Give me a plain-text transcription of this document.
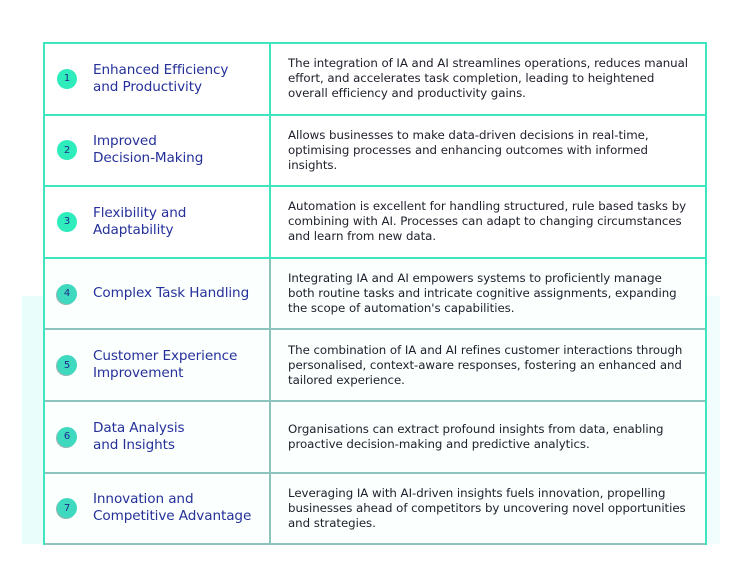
1
Enhanced Efficiency
and Productivity
The integration of IA and AI streamlines operations, reduces manual effort, and accelerates task completion, leading to heightened overall efficiency and productivity gains.
2
Improved
Decision-Making
Allows businesses to make data-driven decisions in real-time, optimising processes and enhancing outcomes with informed insights.
3
Flexibility and
Adaptability
Automation is excellent for handling structured, rule based tasks by combining with AI. Processes can adapt to changing circumstances and learn from new data.
4	Complex Task Handling
Integrating IA and AI empowers systems to proficiently manage both routine tasks and intricate cognitive assignments, expanding the scope of automation's capabilities.
5
Customer Experience
Improvement
The combination of IA and AI refines customer interactions through personalised, context-aware responses, fostering an enhanced and tailored experience.
6
Data Analysis
and Insights
Organisations can extract profound insights from data, enabling proactive decision-making and predictive analytics.
7
Innovation and
Competitive Advantage
Leveraging IA with AI-driven insights fuels innovation, propelling businesses ahead of competitors by uncovering novel opportunities and strategies.
